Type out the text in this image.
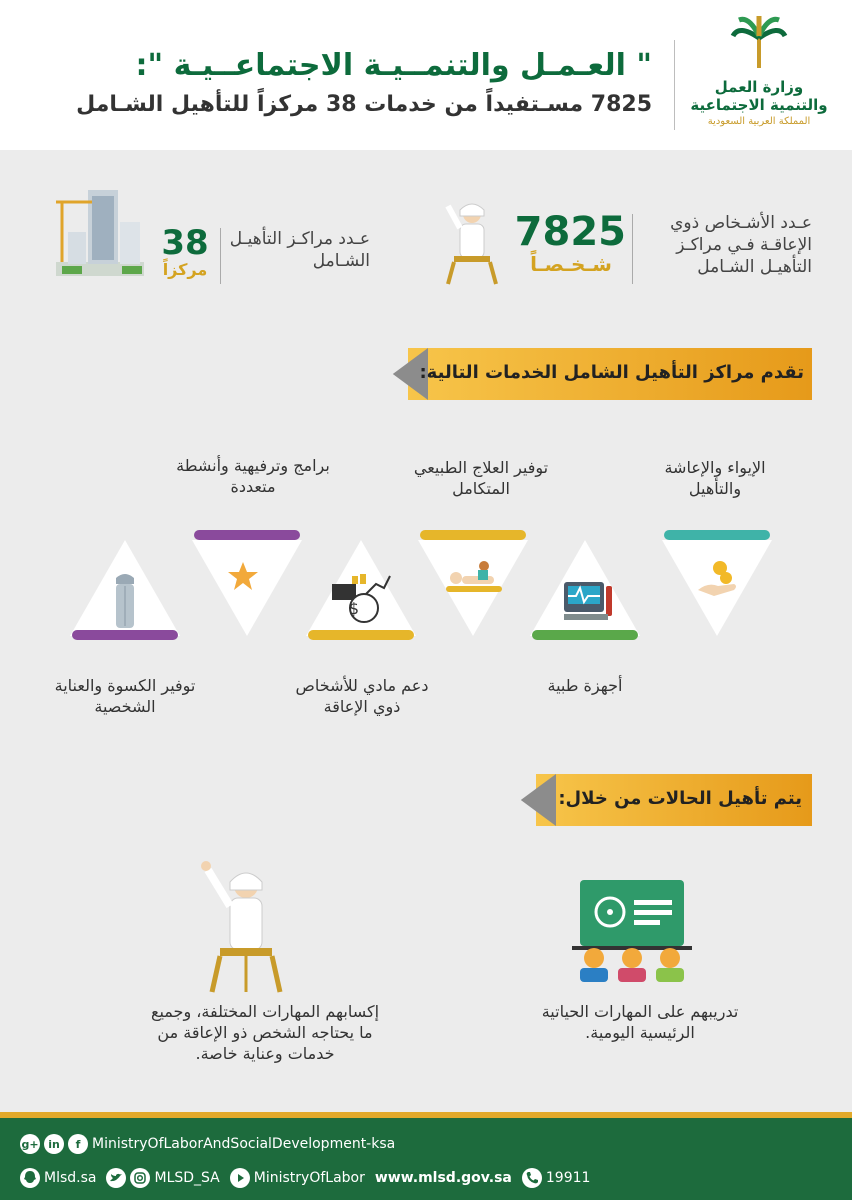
وزارة العمل
والتنمية الاجتماعية
المملكة العربية السعودية
" العـمـل والتنمــيـة الاجتماعــيـة ":
7825 مسـتفيداً من خدمات 38 مركزاً للتأهيل الشـامل
عـدد الأشـخاص ذوي الإعاقـة فـي مراكـز التأهيـل الشـامل
7825
شـخـصـاً
عـدد مراكـز التأهيـل الشـامل
38
مركزاً
تقدم مراكز التأهيل الشامل الخدمات التالية:
الإيواء والإعاشة والتأهيل
توفير العلاج الطبيعي المتكامل
برامج وترفيهية وأنشطة متعددة
$
أجهزة طبية
دعم مادي للأشخاص ذوي الإعاقة
توفير الكسوة والعناية الشخصية
يتم تأهيل الحالات من خلال:
تدريبهم على المهارات الحياتية الرئيسية اليومية.
إكسابهم المهارات المختلفة، وجميع ما يحتاجه الشخص ذو الإعاقة من خدمات وعناية خاصة.
g+ in	f MinistryOfLaborAndSocialDevelopment-ksa
Mlsd.sa	MLSD_SA MinistryOfLabor www.mlsd.gov.sa 19911
